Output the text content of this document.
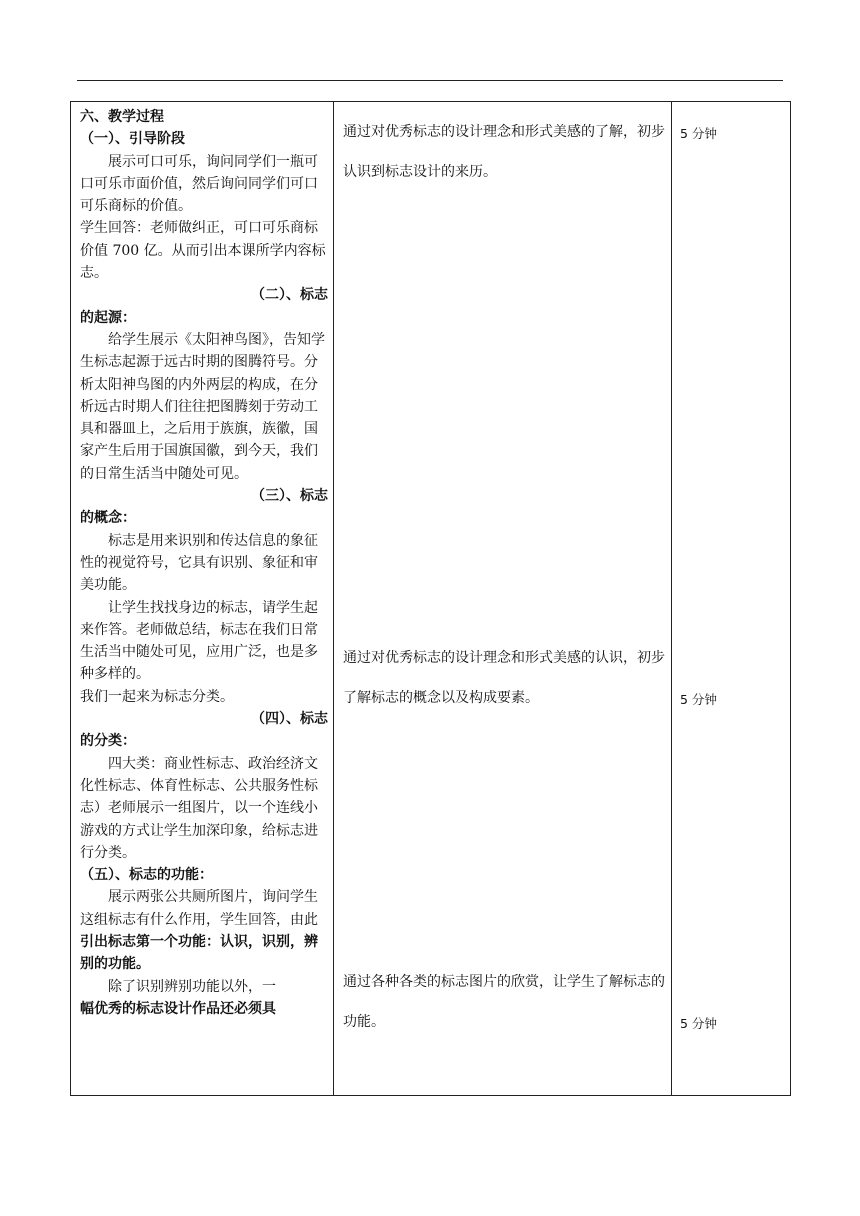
六、教学过程

（一）、引导阶段

展示可口可乐，询问同学们一瓶可口可乐市面价值，然后询问同学们可口可乐商标的价值。

学生回答：老师做纠正，可口可乐商标价值 700 亿。从而引出本课所学内容标志。

（二）、标志

的起源：

给学生展示《太阳神鸟图》，告知学生标志起源于远古时期的图腾符号。分析太阳神鸟图的内外两层的构成，在分析远古时期人们往往把图腾刻于劳动工具和器皿上，之后用于族旗，族徽，国家产生后用于国旗国徽，到今天，我们的日常生活当中随处可见。

（三）、标志

的概念：

标志是用来识别和传达信息的象征性的视觉符号，它具有识别、象征和审美功能。

让学生找找身边的标志，请学生起来作答。老师做总结，标志在我们日常生活当中随处可见，应用广泛，也是多种多样的。

我们一起来为标志分类。

（四）、标志

的分类：

四大类：商业性标志、政治经济文化性标志、体育性标志、公共服务性标志）老师展示一组图片，以一个连线小游戏的方式让学生加深印象，给标志进行分类。

（五）、标志的功能：

展示两张公共厕所图片，询问学生这组标志有什么作用，学生回答，由此引出标志第一个功能：认识，识别，辨别的功能。

除了识别辨别功能以外，一

幅优秀的标志设计作品还必须具

通过对优秀标志的设计理念和形式美感的了解，初步认识到标志设计的来历。
通过对优秀标志的设计理念和形式美感的认识，初步了解标志的概念以及构成要素。
通过各种各类的标志图片的欣赏，让学生了解标志的功能。
5 分钟
5 分钟
5 分钟
